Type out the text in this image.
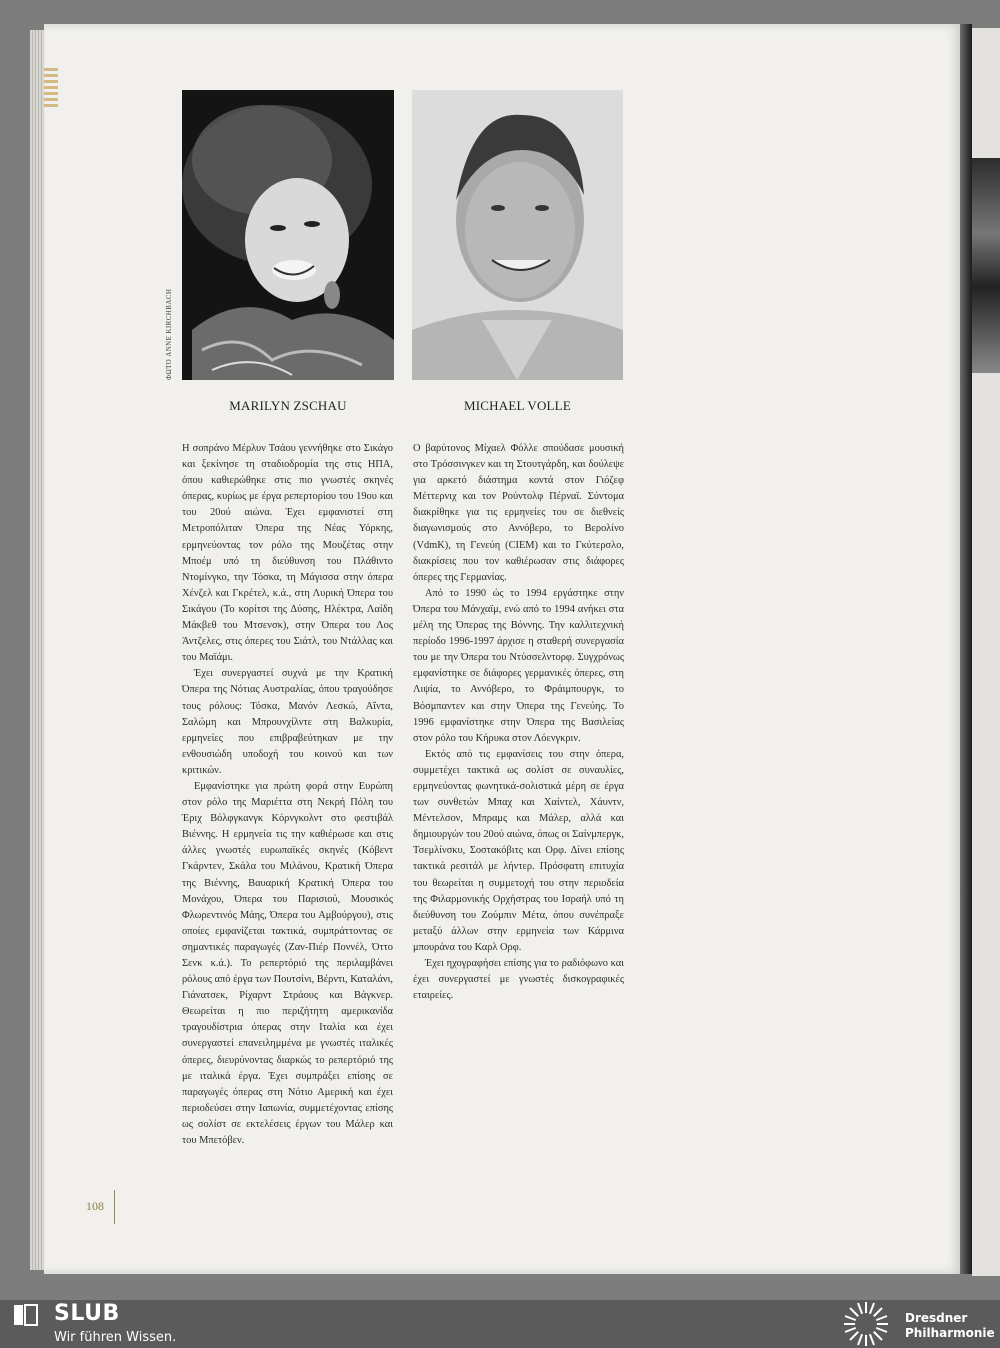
ΦΩΤΟ ANNE KIRCHBACH
MARILYN ZSCHAU	MICHAEL VOLLE

Η σοπράνο Μέρλυν Τσάου γεννήθηκε στο Σικάγο και ξεκίνησε τη σταδιοδρομία της στις ΗΠΑ, όπου καθιερώθηκε στις πιο γνωστές σκηνές όπερας, κυρίως με έργα ρεπερτορίου του 19ου και του 20ού αιώνα. Έχει εμφανιστεί στη Μετροπόλιταν Όπερα της Νέας Υόρκης, ερμηνεύοντας τον ρόλο της Μουζέτας στην Μποέμ υπό τη διεύθυνση του Πλάθιντο Ντομίνγκο, την Τόσκα, τη Μάγισσα στην όπερα Χένζελ και Γκρέτελ, κ.ά., στη Λυρική Όπερα του Σικάγου (Το κορίτσι της Δύσης, Ηλέκτρα, Λαίδη Μάκβεθ του Μτσενσκ), στην Όπερα του Λος Άντζελες, στις όπερες του Σιάτλ, του Ντάλλας και του Μαϊάμι.

Έχει συνεργαστεί συχνά με την Κρατική Όπερα της Νότιας Αυστραλίας, όπου τραγούδησε τους ρόλους: Τόσκα, Μανόν Λεσκώ, Αΐντα, Σαλώμη και Μπρουνχίλντε στη Βαλκυρία, ερμηνείες που επιβραβεύτηκαν με την ενθουσιώδη υποδοχή του κοινού και των κριτικών.

Εμφανίστηκε για πρώτη φορά στην Ευρώπη στον ρόλο της Μαριέττα στη Νεκρή Πόλη του Έριχ Βόλφγκανγκ Κόρνγκολντ στο φεστιβάλ Βιέννης. Η ερμηνεία τις την καθιέρωσε και στις άλλες γνωστές ευρωπαϊκές σκηνές (Κόβεντ Γκάρντεν, Σκάλα του Μιλάνου, Κρατική Όπερα της Βιέννης, Βαυαρική Κρατική Όπερα του Μονάχου, Όπερα του Παρισιού, Μουσικός Φλωρεντινός Μάης, Όπερα του Αμβούργου), στις οποίες εμφανίζεται τακτικά, συμπράττοντας σε σημαντικές παραγωγές (Ζαν-Πιέρ Ποννέλ, Όττο Σενκ κ.ά.). Το ρεπερτόριό της περιλαμβάνει ρόλους από έργα των Πουτσίνι, Βέρντι, Καταλάνι, Γιάνατσεκ, Ρίχαρντ Στράους και Βάγκνερ. Θεωρείται η πιο περιζήτητη αμερικανίδα τραγουδίστρια όπερας στην Ιταλία και έχει συνεργαστεί επανειλημμένα με γνωστές ιταλικές όπερες, διευρύνοντας διαρκώς το ρεπερτόριό της με ιταλικά έργα. Έχει συμπράξει επίσης σε παραγωγές όπερας στη Νότιο Αμερική και έχει περιοδεύσει στην Ιαπωνία, συμμετέχοντας επίσης ως σολίστ σε εκτελέσεις έργων του Μάλερ και του Μπετόβεν.

Ο βαρύτονος Μίχαελ Φόλλε σπούδασε μουσική στο Τρόσσινγκεν και τη Στουτγάρδη, και δούλεψε για αρκετό διάστημα κοντά στον Γιόζεφ Μέττερνιχ και τον Ρούντολφ Πέρναϊ. Σύντομα διακρίθηκε για τις ερμηνείες του σε διεθνείς διαγωνισμούς στο Αννόβερο, το Βερολίνο (VdmK), τη Γενεύη (CIEM) και το Γκύτερσλο, διακρίσεις που τον καθιέρωσαν στις διάφορες όπερες της Γερμανίας.

Από το 1990 ώς το 1994 εργάστηκε στην Όπερα του Μάνχαϊμ, ενώ από το 1994 ανήκει στα μέλη της Όπερας της Βόννης. Την καλλιτεχνική περίοδο 1996-1997 άρχισε η σταθερή συνεργασία του με την Όπερα του Ντύσσελντορφ. Συγχρόνως εμφανίστηκε σε διάφορες γερμανικές όπερες, στη Λιψία, το Αννόβερο, το Φράιμπουργκ, το Βόσμπαντεν και στην Όπερα της Γενεύης. Το 1996 εμφανίστηκε στην Όπερα της Βασιλείας στον ρόλο του Κήρυκα στον Λόενγκριν.

Εκτός από τις εμφανίσεις του στην όπερα, συμμετέχει τακτικά ως σολίστ σε συναυλίες, ερμηνεύοντας φωνητικά-σολιστικά μέρη σε έργα των συνθετών Μπαχ και Χαίντελ, Χάυντν, Μέντελσον, Μπραμς και Μάλερ, αλλά και δημιουργών του 20ού αιώνα, όπως οι Σαίνμπεργκ, Τσεμλίνσκυ, Σοστακόβιτς και Ορφ. Δίνει επίσης τακτικά ρεσιτάλ με λήντερ. Πρόσφατη επιτυχία του θεωρείται η συμμετοχή του στην περιοδεία της Φιλαρμονικής Ορχήστρας του Ισραήλ υπό τη διεύθυνση του Ζούμπιν Μέτα, όπου συνέπραξε μεταξύ άλλων στην ερμηνεία των Κάρμινα μπουράνα του Καρλ Ορφ.

Έχει ηχογραφήσει επίσης για το ραδιόφωνο και έχει συνεργαστεί με γνωστές δισκογραφικές εταιρείες.

108
SLUB
Wir führen Wissen.
Dresdner
Philharmonie
